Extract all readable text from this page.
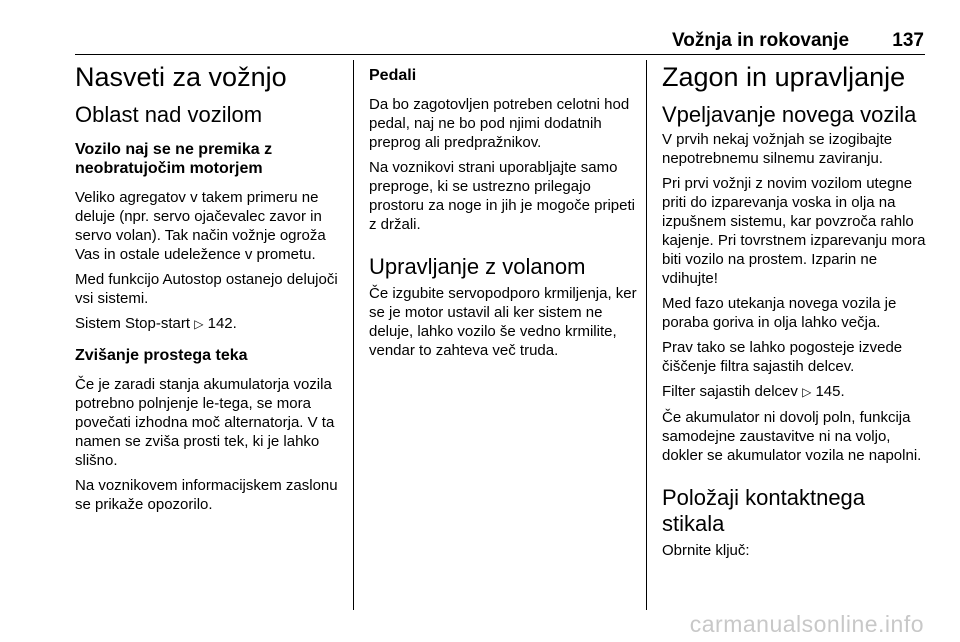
Vožnja in rokovanje 137
Nasveti za vožnjo
Oblast nad vozilom
Vozilo naj se ne premika z neobratujočim motorjem

Veliko agregatov v takem primeru ne deluje (npr. servo ojačevalec zavor in servo volan). Tak način vožnje ogroža Vas in ostale udeležence v prometu.

Med funkcijo Autostop ostanejo delujoči vsi sistemi.

Sistem Stop-start ▷ 142.

Zvišanje prostega teka

Če je zaradi stanja akumulatorja vozila potrebno polnjenje le-tega, se mora povečati izhodna moč alternatorja. V ta namen se zviša prosti tek, ki je lahko slišno.

Na voznikovem informacijskem zaslonu se prikaže opozorilo.

Pedali

Da bo zagotovljen potreben celotni hod pedal, naj ne bo pod njimi dodatnih preprog ali predpražnikov.

Na voznikovi strani uporabljajte samo preproge, ki se ustrezno prilegajo prostoru za noge in jih je mogoče pripeti z držali.

Upravljanje z volanom

Če izgubite servopodporo krmiljenja, ker se je motor ustavil ali ker sistem ne deluje, lahko vozilo še vedno krmilite, vendar to zahteva več truda.

Zagon in upravljanje
Vpeljavanje novega vozila

V prvih nekaj vožnjah se izogibajte nepotrebnemu silnemu zaviranju.

Pri prvi vožnji z novim vozilom utegne priti do izparevanja voska in olja na izpušnem sistemu, kar povzroča rahlo kajenje. Pri tovrstnem izparevanju mora biti vozilo na prostem. Izparin ne vdihujte!

Med fazo utekanja novega vozila je poraba goriva in olja lahko večja.

Prav tako se lahko pogosteje izvede čiščenje filtra sajastih delcev.

Filter sajastih delcev ▷ 145.

Če akumulator ni dovolj poln, funkcija samodejne zaustavitve ni na voljo, dokler se akumulator vozila ne napolni.

Položaji kontaktnega stikala

Obrnite ključ:

carmanualsonline.info
